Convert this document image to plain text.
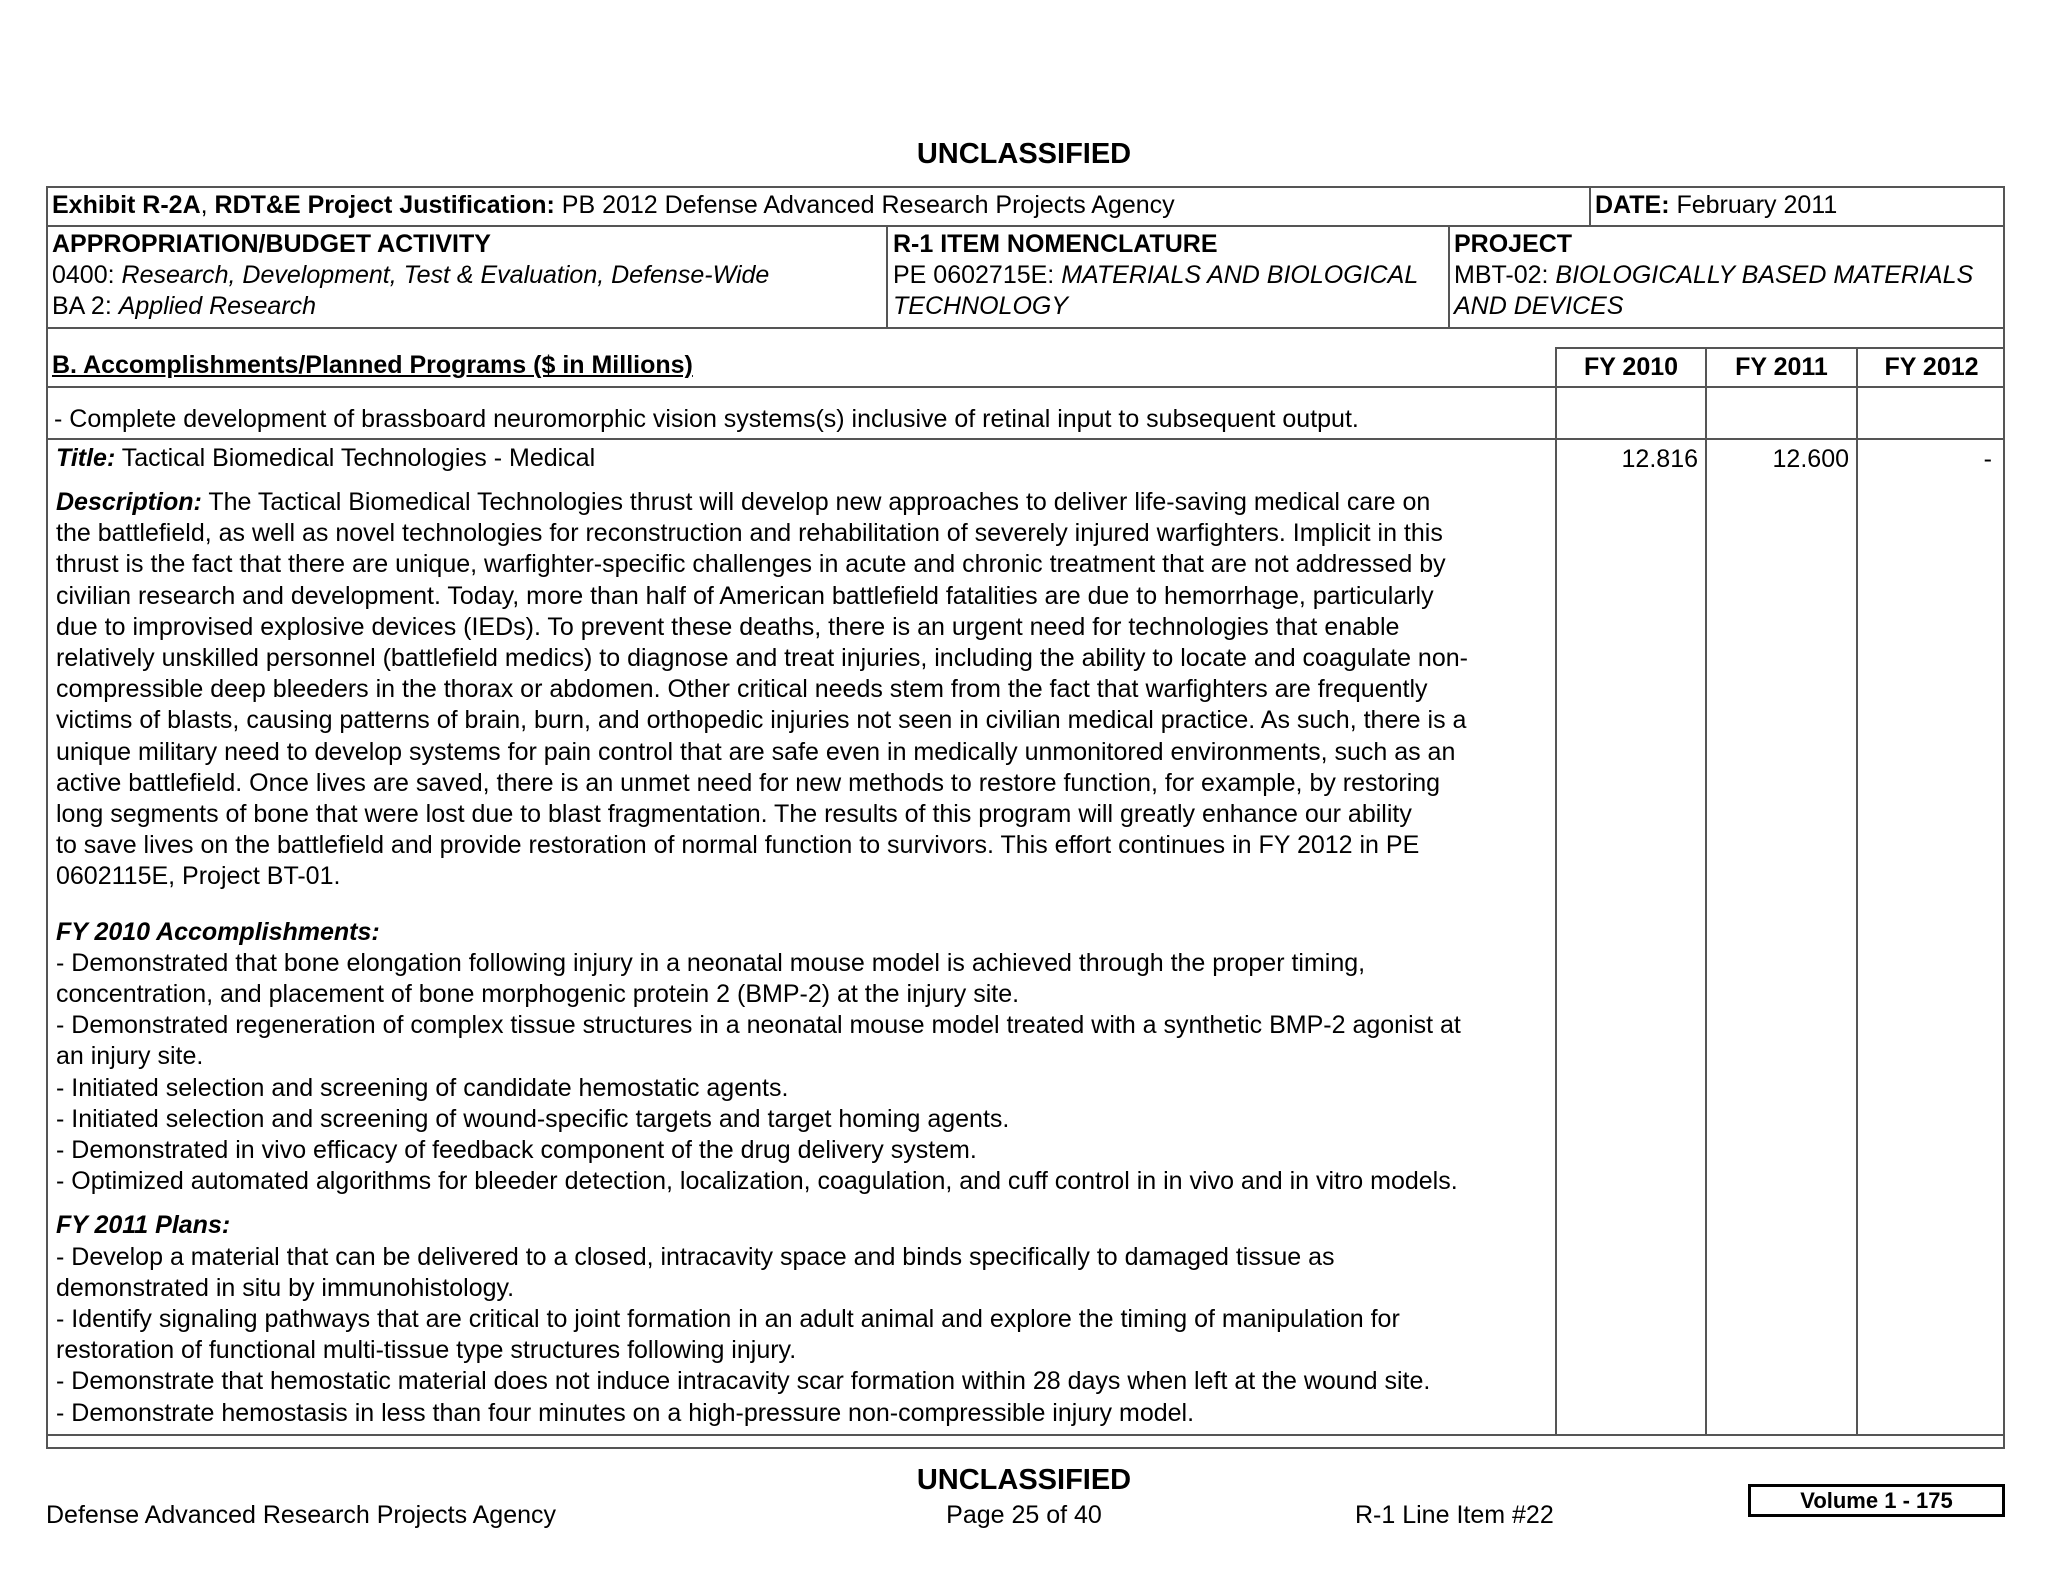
UNCLASSIFIED
Exhibit R-2A, RDT&E Project Justification: PB 2012 Defense Advanced Research Projects Agency	DATE: February 2011
APPROPRIATION/BUDGET ACTIVITY
0400: Research, Development, Test & Evaluation, Defense-Wide
BA 2: Applied Research
R-1 ITEM NOMENCLATURE
PE 0602715E: MATERIALS AND BIOLOGICAL
TECHNOLOGY
PROJECT
MBT-02: BIOLOGICALLY BASED MATERIALS
AND DEVICES
B. Accomplishments/Planned Programs ($ in Millions)	FY 2010	FY 2011	FY 2012
- Complete development of brassboard neuromorphic vision systems(s) inclusive of retinal input to subsequent output.
Title: Tactical Biomedical Technologies - Medical	12.816	12.600	-
Description: The Tactical Biomedical Technologies thrust will develop new approaches to deliver life-saving medical care on
the battlefield, as well as novel technologies for reconstruction and rehabilitation of severely injured warfighters. Implicit in this
thrust is the fact that there are unique, warfighter-specific challenges in acute and chronic treatment that are not addressed by
civilian research and development. Today, more than half of American battlefield fatalities are due to hemorrhage, particularly
due to improvised explosive devices (IEDs). To prevent these deaths, there is an urgent need for technologies that enable
relatively unskilled personnel (battlefield medics) to diagnose and treat injuries, including the ability to locate and coagulate non-
compressible deep bleeders in the thorax or abdomen. Other critical needs stem from the fact that warfighters are frequently
victims of blasts, causing patterns of brain, burn, and orthopedic injuries not seen in civilian medical practice. As such, there is a
unique military need to develop systems for pain control that are safe even in medically unmonitored environments, such as an
active battlefield. Once lives are saved, there is an unmet need for new methods to restore function, for example, by restoring
long segments of bone that were lost due to blast fragmentation. The results of this program will greatly enhance our ability
to save lives on the battlefield and provide restoration of normal function to survivors. This effort continues in FY 2012 in PE
0602115E, Project BT-01.
FY 2010 Accomplishments:
- Demonstrated that bone elongation following injury in a neonatal mouse model is achieved through the proper timing,
concentration, and placement of bone morphogenic protein 2 (BMP-2) at the injury site.
- Demonstrated regeneration of complex tissue structures in a neonatal mouse model treated with a synthetic BMP-2 agonist at
an injury site.
- Initiated selection and screening of candidate hemostatic agents.
- Initiated selection and screening of wound-specific targets and target homing agents.
- Demonstrated in vivo efficacy of feedback component of the drug delivery system.
- Optimized automated algorithms for bleeder detection, localization, coagulation, and cuff control in in vivo and in vitro models.
FY 2011 Plans:
- Develop a material that can be delivered to a closed, intracavity space and binds specifically to damaged tissue as
demonstrated in situ by immunohistology.
- Identify signaling pathways that are critical to joint formation in an adult animal and explore the timing of manipulation for
restoration of functional multi-tissue type structures following injury.
- Demonstrate that hemostatic material does not induce intracavity scar formation within 28 days when left at the wound site.
- Demonstrate hemostasis in less than four minutes on a high-pressure non-compressible injury model.
UNCLASSIFIED
Defense Advanced Research Projects Agency	Page 25 of 40	R-1 Line Item #22
Volume 1 - 175
